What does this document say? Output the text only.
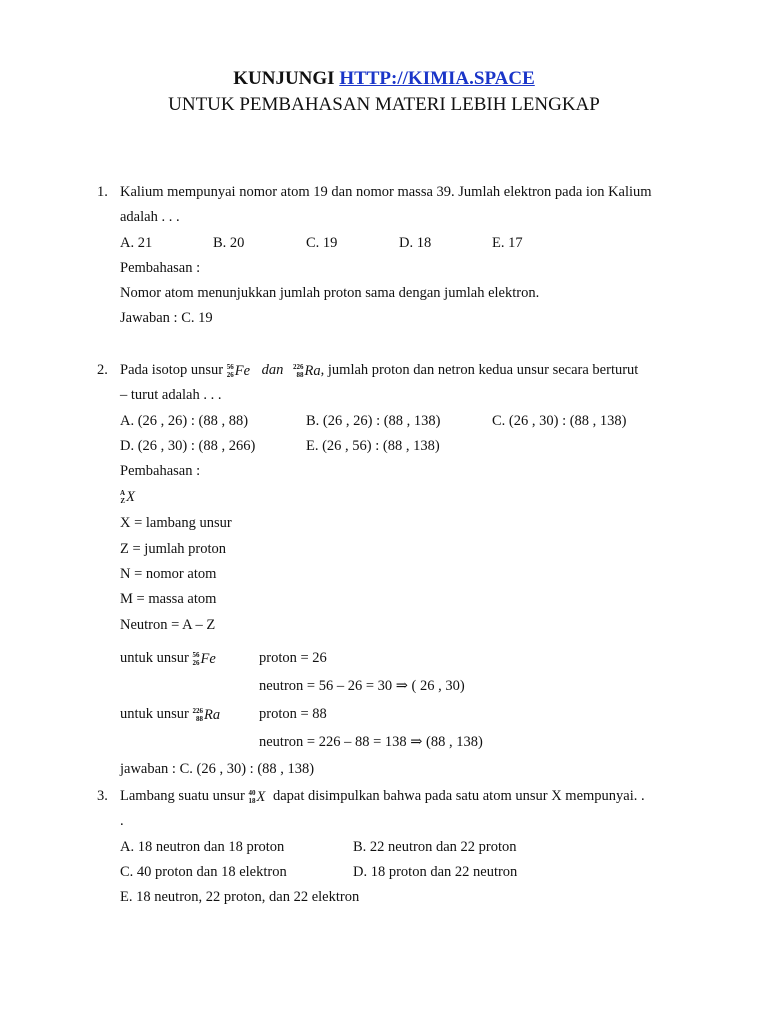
KUNJUNGI HTTP://KIMIA.SPACE
UNTUK PEMBAHASAN MATERI LEBIH LENGKAP
1. Kalium mempunyai nomor atom 19 dan nomor massa 39. Jumlah elektron pada ion Kalium
adalah . . .
A. 21	B. 20	C. 19	D. 18	E. 17
Pembahasan :
Nomor atom menunjukkan jumlah proton sama dengan jumlah elektron.
Jawaban : C. 19
2. Pada isotop unsur 56
26 Fe dan 226
88 Ra, jumlah proton dan netron kedua unsur secara berturut
– turut adalah . . .
A. (26 , 26) : (88 , 88)	B. (26 , 26) : (88 , 138)	C. (26 , 30) : (88 , 138)
D. (26 , 30) : (88 , 266)	E. (26 , 56) : (88 , 138)
Pembahasan :
A
Z X
X = lambang unsur
Z = jumlah proton
N = nomor atom
M = massa atom
Neutron = A – Z
untuk unsur 56
26 Fe	proton = 26
neutron = 56 – 26 = 30 ⇒ ( 26 , 30)
untuk unsur 226
88 Ra	proton = 88
neutron = 226 – 88 = 138 ⇒ (88 , 138)
jawaban : C. (26 , 30) : (88 , 138)
3. Lambang suatu unsur 40
18 X dapat disimpulkan bahwa pada satu atom unsur X mempunyai. .
.
A. 18 neutron dan 18 proton	B. 22 neutron dan 22 proton
C. 40 proton dan 18 elektron	D. 18 proton dan 22 neutron
E. 18 neutron, 22 proton, dan 22 elektron
